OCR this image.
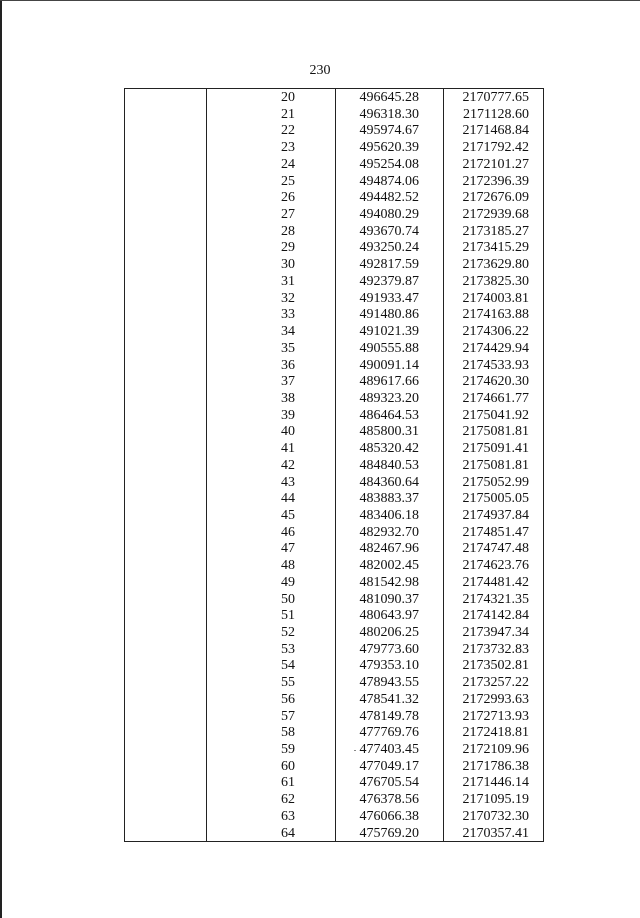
230
20	496645.28	2170777.65
21	496318.30	2171128.60
22	495974.67	2171468.84
23	495620.39	2171792.42
24	495254.08	2172101.27
25	494874.06	2172396.39
26	494482.52	2172676.09
27	494080.29	2172939.68
28	493670.74	2173185.27
29	493250.24	2173415.29
30	492817.59	2173629.80
31	492379.87	2173825.30
32	491933.47	2174003.81
33	491480.86	2174163.88
34	491021.39	2174306.22
35	490555.88	2174429.94
36	490091.14	2174533.93
37	489617.66	2174620.30
38	489323.20	2174661.77
39	486464.53	2175041.92
40	485800.31	2175081.81
41	485320.42	2175091.41
42	484840.53	2175081.81
43	484360.64	2175052.99
44	483883.37	2175005.05
45	483406.18	2174937.84
46	482932.70	2174851.47
47	482467.96	2174747.48
48	482002.45	2174623.76
49	481542.98	2174481.42
50	481090.37	2174321.35
51	480643.97	2174142.84
52	480206.25	2173947.34
53	479773.60	2173732.83
54	479353.10	2173502.81
55	478943.55	2173257.22
56	478541.32	2172993.63
57	478149.78	2172713.93
58	477769.76	2172418.81
59	477403.45	2172109.96
60	477049.17	2171786.38
61	476705.54	2171446.14
62	476378.56	2171095.19
63	476066.38	2170732.30
64	475769.20	2170357.41
